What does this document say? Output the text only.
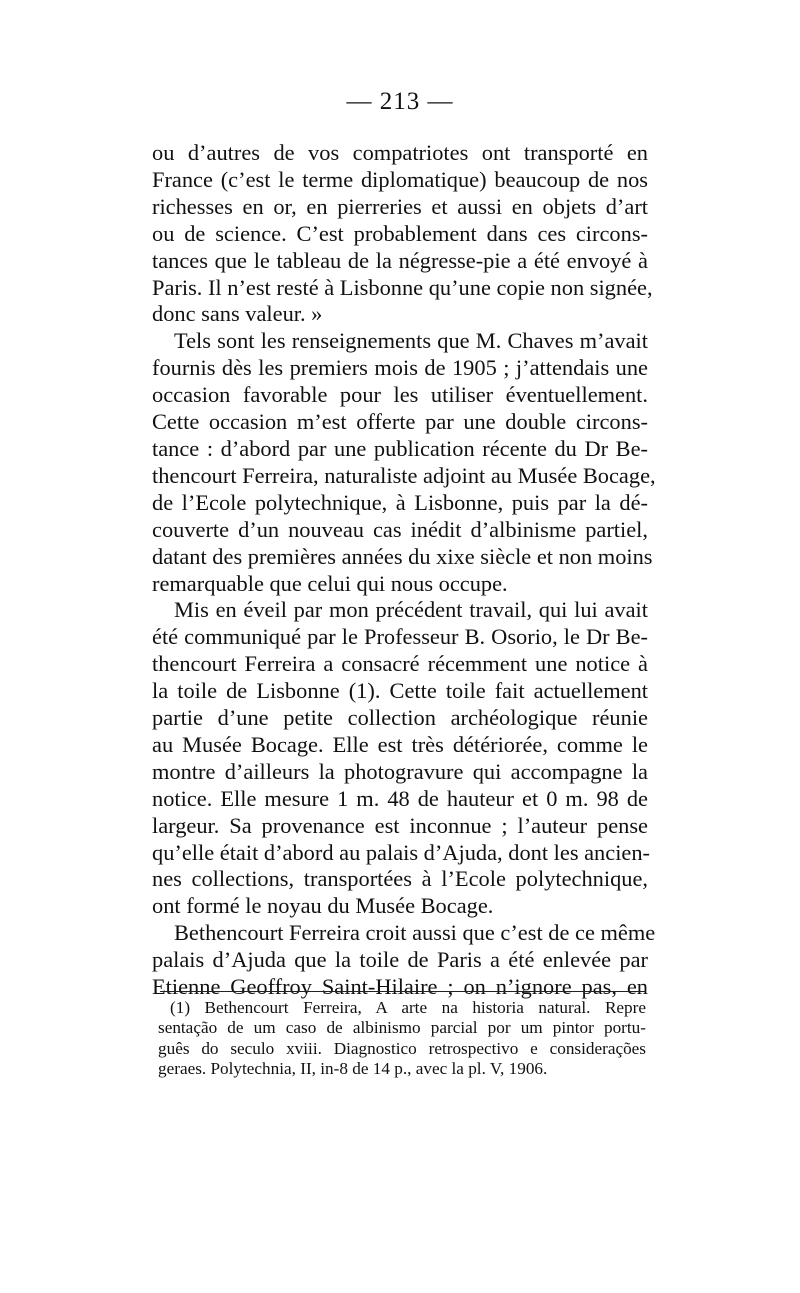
— 213 —
ou d’autres de vos compatriotes ont transporté en
France (c’est le terme diplomatique) beaucoup de nos
richesses en or, en pierreries et aussi en objets d’art
ou de science. C’est probablement dans ces circons-
tances que le tableau de la négresse-pie a été envoyé à
Paris. Il n’est resté à Lisbonne qu’une copie non signée,
donc sans valeur. »
Tels sont les renseignements que M. Chaves m’avait
fournis dès les premiers mois de 1905 ; j’attendais une
occasion favorable pour les utiliser éventuellement.
Cette occasion m’est offerte par une double circons-
tance : d’abord par une publication récente du Dr Be-
thencourt Ferreira, naturaliste adjoint au Musée Bocage,
de l’Ecole polytechnique, à Lisbonne, puis par la dé-
couverte d’un nouveau cas inédit d’albinisme partiel,
datant des premières années du xixe siècle et non moins
remarquable que celui qui nous occupe.
Mis en éveil par mon précédent travail, qui lui avait
été communiqué par le Professeur B. Osorio, le Dr Be-
thencourt Ferreira a consacré récemment une notice à
la toile de Lisbonne (1). Cette toile fait actuellement
partie d’une petite collection archéologique réunie
au Musée Bocage. Elle est très détériorée, comme le
montre d’ailleurs la photogravure qui accompagne la
notice. Elle mesure 1 m. 48 de hauteur et 0 m. 98 de
largeur. Sa provenance est inconnue ; l’auteur pense
qu’elle était d’abord au palais d’Ajuda, dont les ancien-
nes collections, transportées à l’Ecole polytechnique,
ont formé le noyau du Musée Bocage.
Bethencourt Ferreira croit aussi que c’est de ce même
palais d’Ajuda que la toile de Paris a été enlevée par
Etienne Geoffroy Saint-Hilaire ; on n’ignore pas, en
(1) Bethencourt Ferreira, A arte na historia natural. Repre
sentação de um caso de albinismo parcial por um pintor portu-
guês do seculo xviii. Diagnostico retrospectivo e considerações
geraes. Polytechnia, II, in-8 de 14 p., avec la pl. V, 1906.
